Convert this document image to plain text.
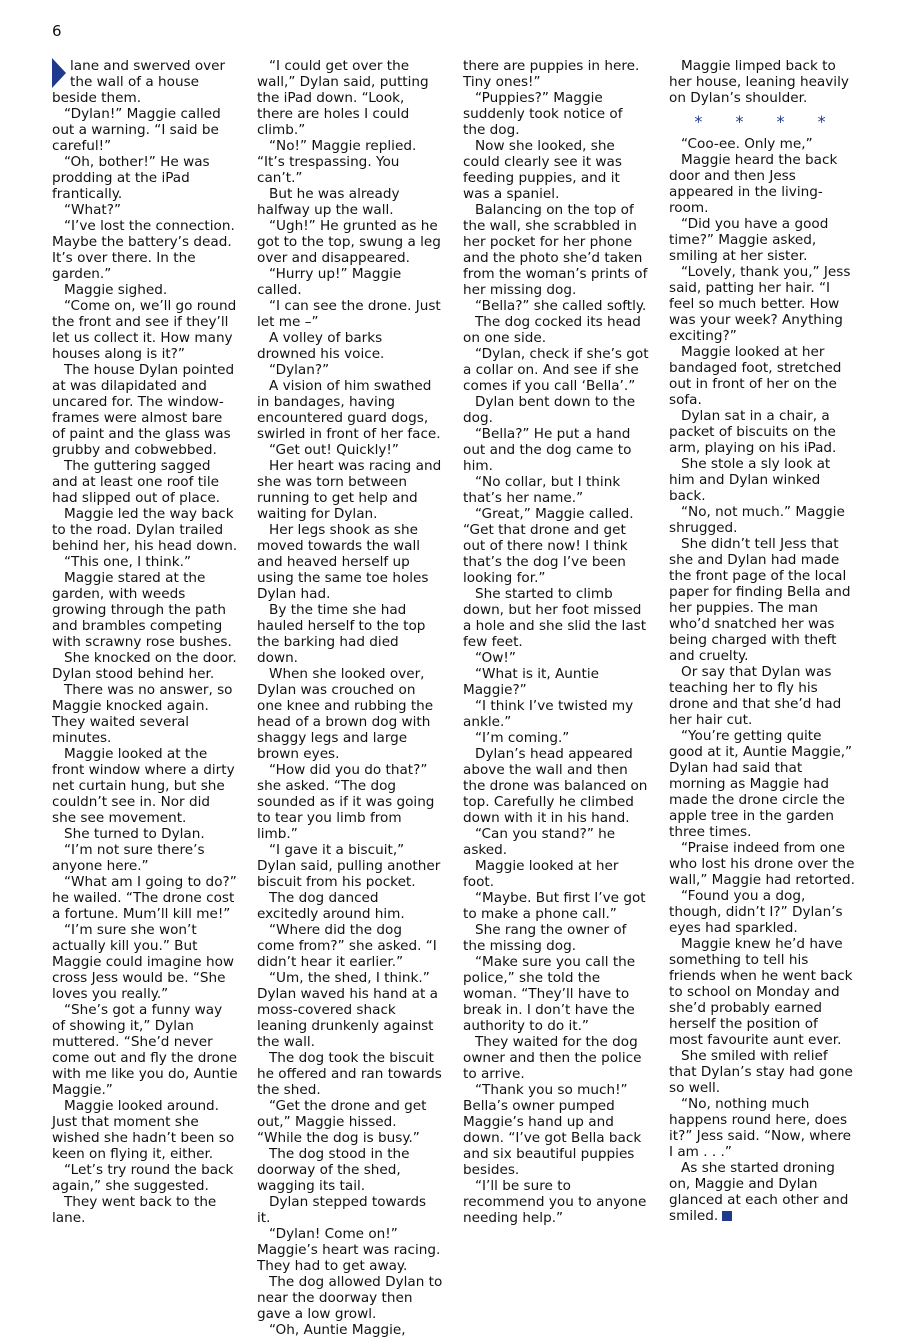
6

lane and swerved over the wall of a house beside them.

“Dylan!” Maggie called out a warning. “I said be careful!”

“Oh, bother!” He was prodding at the iPad frantically.

“What?”

“I’ve lost the connection. Maybe the battery’s dead. It’s over there. In the garden.”

Maggie sighed.

“Come on, we’ll go round the front and see if they’ll let us collect it. How many houses along is it?”

The house Dylan pointed at was dilapidated and uncared for. The window-frames were almost bare of paint and the glass was grubby and cobwebbed.

The guttering sagged and at least one roof tile had slipped out of place.

Maggie led the way back to the road. Dylan trailed behind her, his head down.

“This one, I think.”

Maggie stared at the garden, with weeds growing through the path and brambles competing with scrawny rose bushes.

She knocked on the door. Dylan stood behind her.

There was no answer, so Maggie knocked again. They waited several minutes.

Maggie looked at the front window where a dirty net curtain hung, but she couldn’t see in. Nor did she see movement.

She turned to Dylan.

“I’m not sure there’s anyone here.”

“What am I going to do?” he wailed. “The drone cost a fortune. Mum’ll kill me!”

“I’m sure she won’t actually kill you.” But Maggie could imagine how cross Jess would be. “She loves you really.”

“She’s got a funny way of showing it,” Dylan muttered. “She’d never come out and fly the drone with me like you do, Auntie Maggie.”

Maggie looked around. Just that moment she wished she hadn’t been so keen on flying it, either.

“Let’s try round the back again,” she suggested.

They went back to the lane.

“I could get over the wall,” Dylan said, putting the iPad down. “Look, there are holes I could climb.”

“No!” Maggie replied. “It’s trespassing. You can’t.”

But he was already halfway up the wall.

“Ugh!” He grunted as he got to the top, swung a leg over and disappeared.

“Hurry up!” Maggie called.

“I can see the drone. Just let me –”

A volley of barks drowned his voice.

“Dylan?”

A vision of him swathed in bandages, having encountered guard dogs, swirled in front of her face.

“Get out! Quickly!”

Her heart was racing and she was torn between running to get help and waiting for Dylan.

Her legs shook as she moved towards the wall and heaved herself up using the same toe holes Dylan had.

By the time she had hauled herself to the top the barking had died down.

When she looked over, Dylan was crouched on one knee and rubbing the head of a brown dog with shaggy legs and large brown eyes.

“How did you do that?” she asked. “The dog sounded as if it was going to tear you limb from limb.”

“I gave it a biscuit,” Dylan said, pulling another biscuit from his pocket.

The dog danced excitedly around him.

“Where did the dog come from?” she asked. “I didn’t hear it earlier.”

“Um, the shed, I think.” Dylan waved his hand at a moss-covered shack leaning drunkenly against the wall.

The dog took the biscuit he offered and ran towards the shed.

“Get the drone and get out,” Maggie hissed. “While the dog is busy.”

The dog stood in the doorway of the shed, wagging its tail.

Dylan stepped towards it.

“Dylan! Come on!” Maggie’s heart was racing. They had to get away.

The dog allowed Dylan to near the doorway then gave a low growl.

“Oh, Auntie Maggie,

there are puppies in here. Tiny ones!”

“Puppies?” Maggie suddenly took notice of the dog.

Now she looked, she could clearly see it was feeding puppies, and it was a spaniel.

Balancing on the top of the wall, she scrabbled in her pocket for her phone and the photo she’d taken from the woman’s prints of her missing dog.

“Bella?” she called softly.

The dog cocked its head on one side.

“Dylan, check if she’s got a collar on. And see if she comes if you call ‘Bella’.”

Dylan bent down to the dog.

“Bella?” He put a hand out and the dog came to him.

“No collar, but I think that’s her name.”

“Great,” Maggie called. “Get that drone and get out of there now! I think that’s the dog I’ve been looking for.”

She started to climb down, but her foot missed a hole and she slid the last few feet.

“Ow!”

“What is it, Auntie Maggie?”

“I think I’ve twisted my ankle.”

“I’m coming.”

Dylan’s head appeared above the wall and then the drone was balanced on top. Carefully he climbed down with it in his hand.

“Can you stand?” he asked.

Maggie looked at her foot.

“Maybe. But first I’ve got to make a phone call.”

She rang the owner of the missing dog.

“Make sure you call the police,” she told the woman. “They’ll have to break in. I don’t have the authority to do it.”

They waited for the dog owner and then the police to arrive.

“Thank you so much!” Bella’s owner pumped Maggie’s hand up and down. “I’ve got Bella back and six beautiful puppies besides.

“I’ll be sure to recommend you to anyone needing help.”

Maggie limped back to her house, leaning heavily on Dylan’s shoulder.

* * * *

“Coo-ee. Only me,”

Maggie heard the back door and then Jess appeared in the living-room.

“Did you have a good time?” Maggie asked, smiling at her sister.

“Lovely, thank you,” Jess said, patting her hair. “I feel so much better. How was your week? Anything exciting?”

Maggie looked at her bandaged foot, stretched out in front of her on the sofa.

Dylan sat in a chair, a packet of biscuits on the arm, playing on his iPad.

She stole a sly look at him and Dylan winked back.

“No, not much.” Maggie shrugged.

She didn’t tell Jess that she and Dylan had made the front page of the local paper for finding Bella and her puppies. The man who’d snatched her was being charged with theft and cruelty.

Or say that Dylan was teaching her to fly his drone and that she’d had her hair cut.

“You’re getting quite good at it, Auntie Maggie,” Dylan had said that morning as Maggie had made the drone circle the apple tree in the garden three times.

“Praise indeed from one who lost his drone over the wall,” Maggie had retorted.

“Found you a dog, though, didn’t I?” Dylan’s eyes had sparkled.

Maggie knew he’d have something to tell his friends when he went back to school on Monday and she’d probably earned herself the position of most favourite aunt ever.

She smiled with relief that Dylan’s stay had gone so well.

“No, nothing much happens round here, does it?” Jess said. “Now, where I am . . .”

As she started droning on, Maggie and Dylan glanced at each other and smiled.
